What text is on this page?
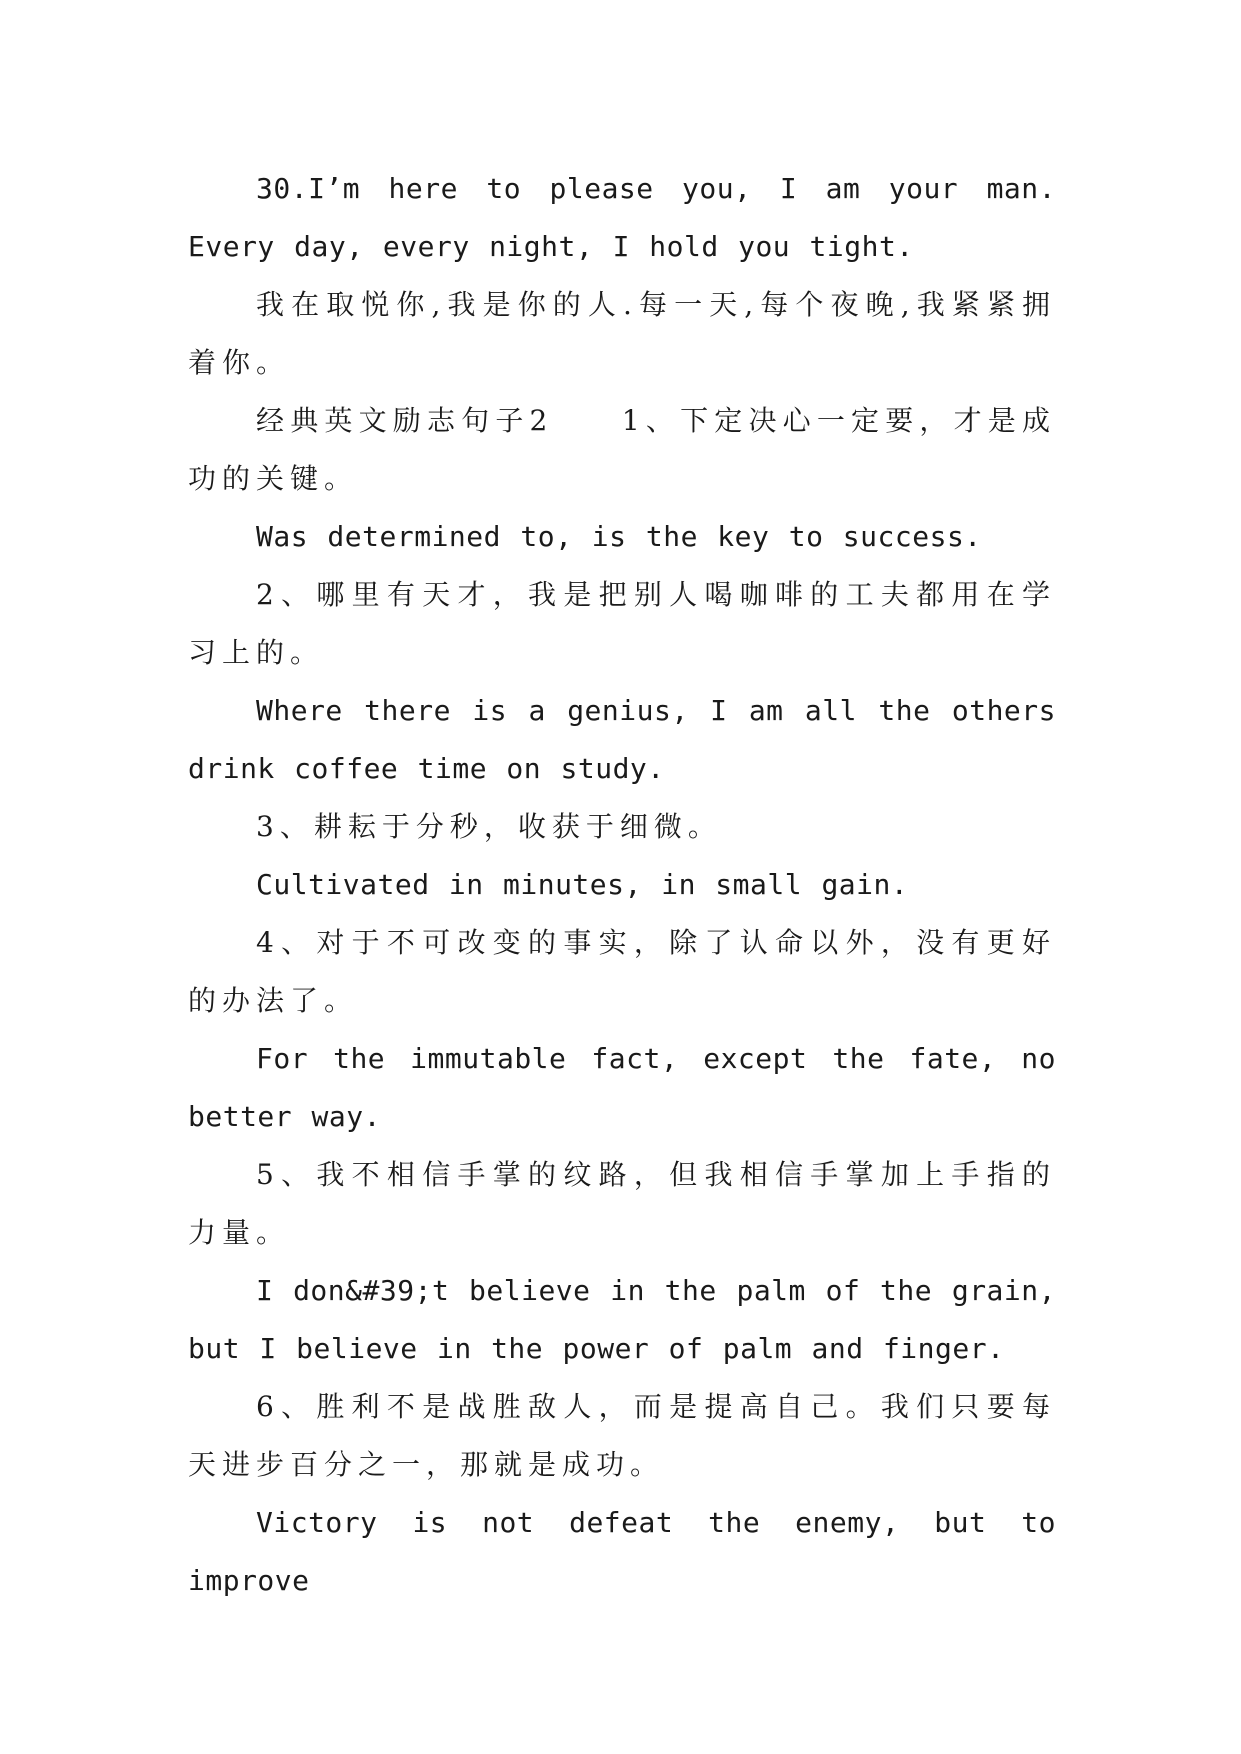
30.I’m here to please you, I am your man. Every day, every night, I hold you tight.

我在取悦你,我是你的人.每一天,每个夜晚,我紧紧拥着你。

经典英文励志句子2　　1、下定决心一定要，才是成功的关键。

Was determined to, is the key to success.

2、哪里有天才，我是把别人喝咖啡的工夫都用在学习上的。

Where there is a genius, I am all the others drink coffee time on study.

3、耕耘于分秒，收获于细微。

Cultivated in minutes, in small gain.

4、对于不可改变的事实，除了认命以外，没有更好的办法了。

For the immutable fact, except the fate, no better way.

5、我不相信手掌的纹路，但我相信手掌加上手指的力量。

I don&#39;t believe in the palm of the grain, but I believe in the power of palm and finger.

6、胜利不是战胜敌人，而是提高自己。我们只要每天进步百分之一，那就是成功。

Victory is not defeat the enemy, but to improve
